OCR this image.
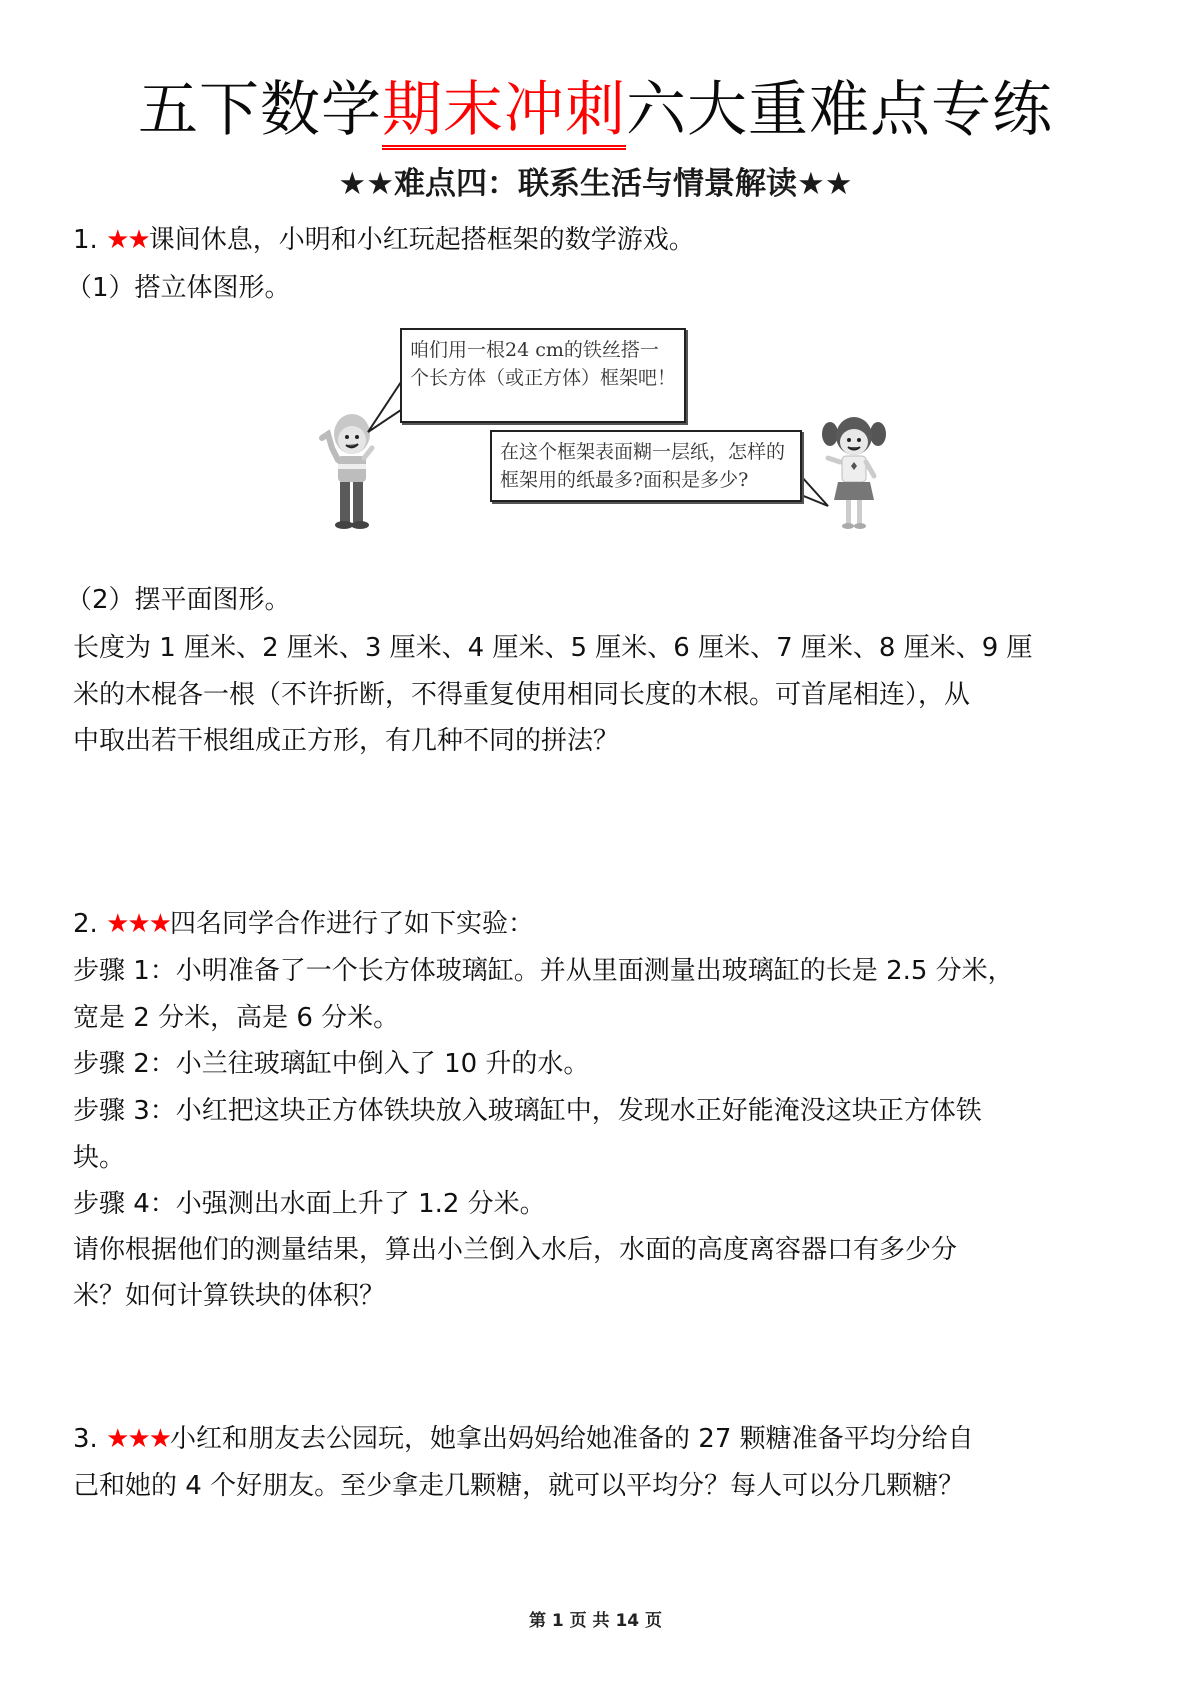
五下数学期末冲刺六大重难点专练
★★难点四：联系生活与情景解读★★
1. ★★课间休息，小明和小红玩起搭框架的数学游戏。
（1）搭立体图形。
咱们用一根24 cm的铁丝搭一个长方体（或正方体）框架吧！
在这个框架表面糊一层纸，怎样的框架用的纸最多?面积是多少?
（2）摆平面图形。
长度为 1 厘米、2 厘米、3 厘米、4 厘米、5 厘米、6 厘米、7 厘米、8 厘米、9 厘
米的木棍各一根（不许折断，不得重复使用相同长度的木根。可首尾相连），从
中取出若干根组成正方形，有几种不同的拼法？
2. ★★★四名同学合作进行了如下实验：
步骤 1：小明准备了一个长方体玻璃缸。并从里面测量出玻璃缸的长是 2.5 分米，
宽是 2 分米，高是 6 分米。
步骤 2：小兰往玻璃缸中倒入了 10 升的水。
步骤 3：小红把这块正方体铁块放入玻璃缸中，发现水正好能淹没这块正方体铁
块。
步骤 4：小强测出水面上升了 1.2 分米。
请你根据他们的测量结果，算出小兰倒入水后，水面的高度离容器口有多少分
米？如何计算铁块的体积？
3. ★★★小红和朋友去公园玩，她拿出妈妈给她准备的 27 颗糖准备平均分给自
己和她的 4 个好朋友。至少拿走几颗糖，就可以平均分？每人可以分几颗糖？
第 1 页 共 14 页
